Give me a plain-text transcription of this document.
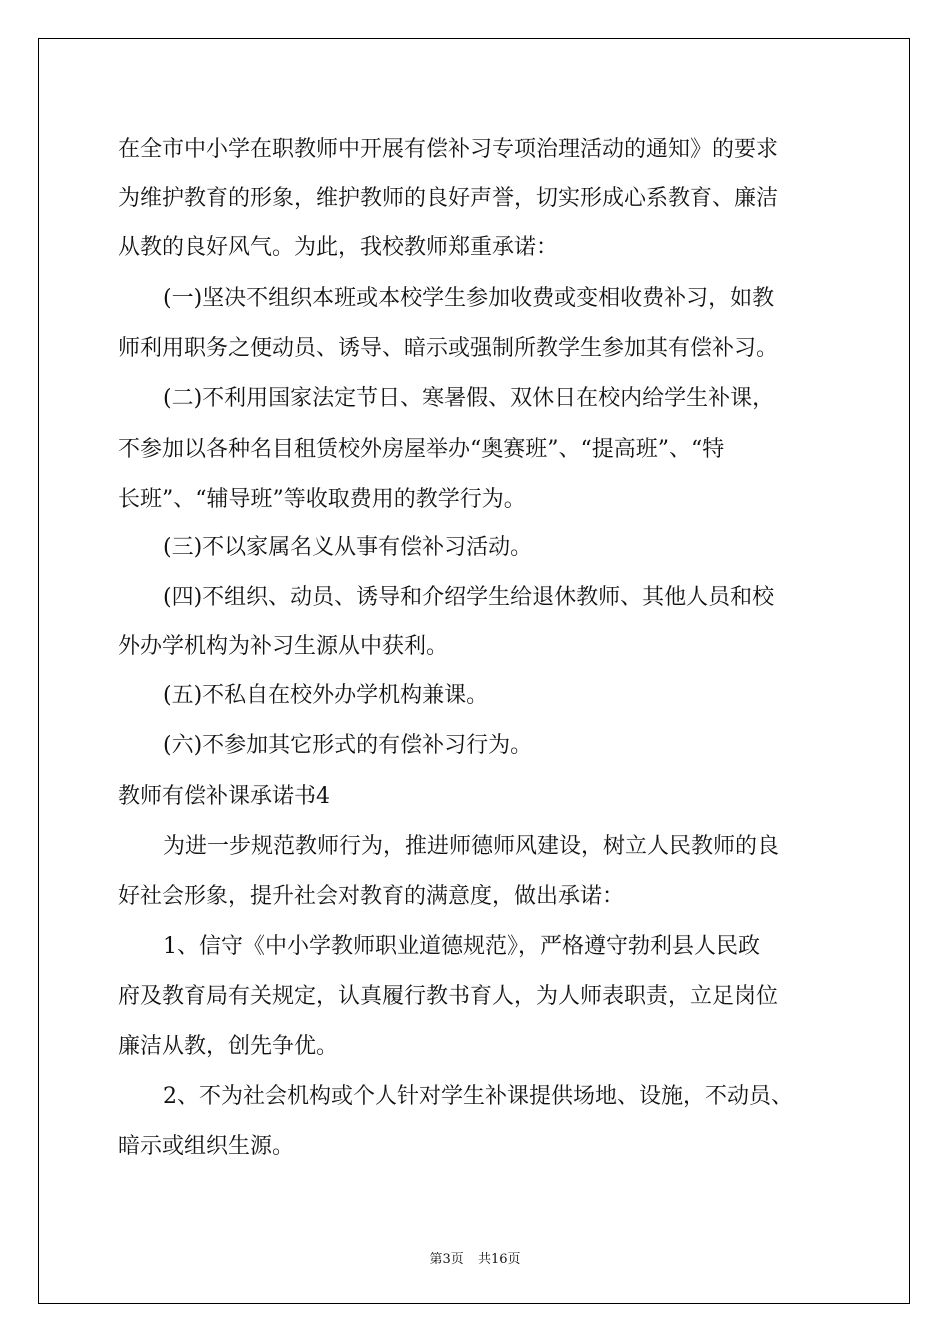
在全市中小学在职教师中开展有偿补习专项治理活动的通知》的要求
为维护教育的形象，维护教师的良好声誉，切实形成心系教育、廉洁
从教的良好风气。为此，我校教师郑重承诺：
(一)坚决不组织本班或本校学生参加收费或变相收费补习，如教
师利用职务之便动员、诱导、暗示或强制所教学生参加其有偿补习。
(二)不利用国家法定节日、寒暑假、双休日在校内给学生补课，
不参加以各种名目租赁校外房屋举办“奥赛班”、“提高班”、“特
长班”、“辅导班”等收取费用的教学行为。
(三)不以家属名义从事有偿补习活动。
(四)不组织、动员、诱导和介绍学生给退休教师、其他人员和校
外办学机构为补习生源从中获利。
(五)不私自在校外办学机构兼课。
(六)不参加其它形式的有偿补习行为。
教师有偿补课承诺书4
为进一步规范教师行为，推进师德师风建设，树立人民教师的良
好社会形象，提升社会对教育的满意度，做出承诺：
1、信守《中小学教师职业道德规范》，严格遵守勃利县人民政
府及教育局有关规定，认真履行教书育人，为人师表职责，立足岗位
廉洁从教，创先争优。
2、不为社会机构或个人针对学生补课提供场地、设施，不动员、
暗示或组织生源。
第3页 共16页
